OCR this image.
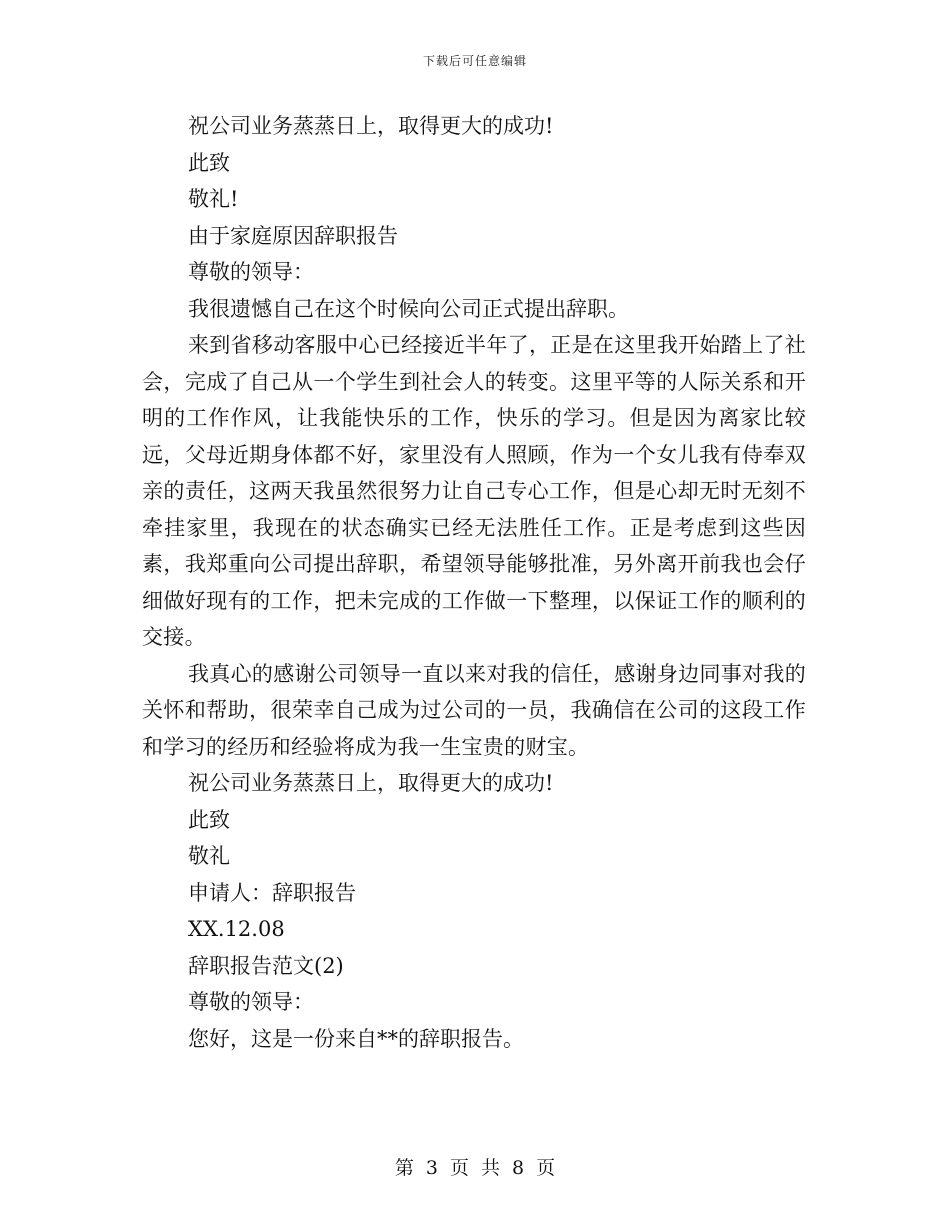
下载后可任意编辑

祝公司业务蒸蒸日上，取得更大的成功!

此致

敬礼!

由于家庭原因辞职报告

尊敬的领导：

我很遗憾自己在这个时候向公司正式提出辞职。

来到省移动客服中心已经接近半年了，正是在这里我开始踏上了社会，完成了自己从一个学生到社会人的转变。这里平等的人际关系和开明的工作作风，让我能快乐的工作，快乐的学习。但是因为离家比较远，父母近期身体都不好，家里没有人照顾，作为一个女儿我有侍奉双亲的责任，这两天我虽然很努力让自己专心工作，但是心却无时无刻不牵挂家里，我现在的状态确实已经无法胜任工作。正是考虑到这些因素，我郑重向公司提出辞职，希望领导能够批准，另外离开前我也会仔细做好现有的工作，把未完成的工作做一下整理，以保证工作的顺利的交接。

我真心的感谢公司领导一直以来对我的信任，感谢身边同事对我的关怀和帮助，很荣幸自己成为过公司的一员，我确信在公司的这段工作和学习的经历和经验将成为我一生宝贵的财宝。

祝公司业务蒸蒸日上，取得更大的成功!

此致

敬礼

申请人：辞职报告

XX.12.08

辞职报告范文(2)

尊敬的领导：

您好，这是一份来自**的辞职报告。

第 3 页 共 8 页
